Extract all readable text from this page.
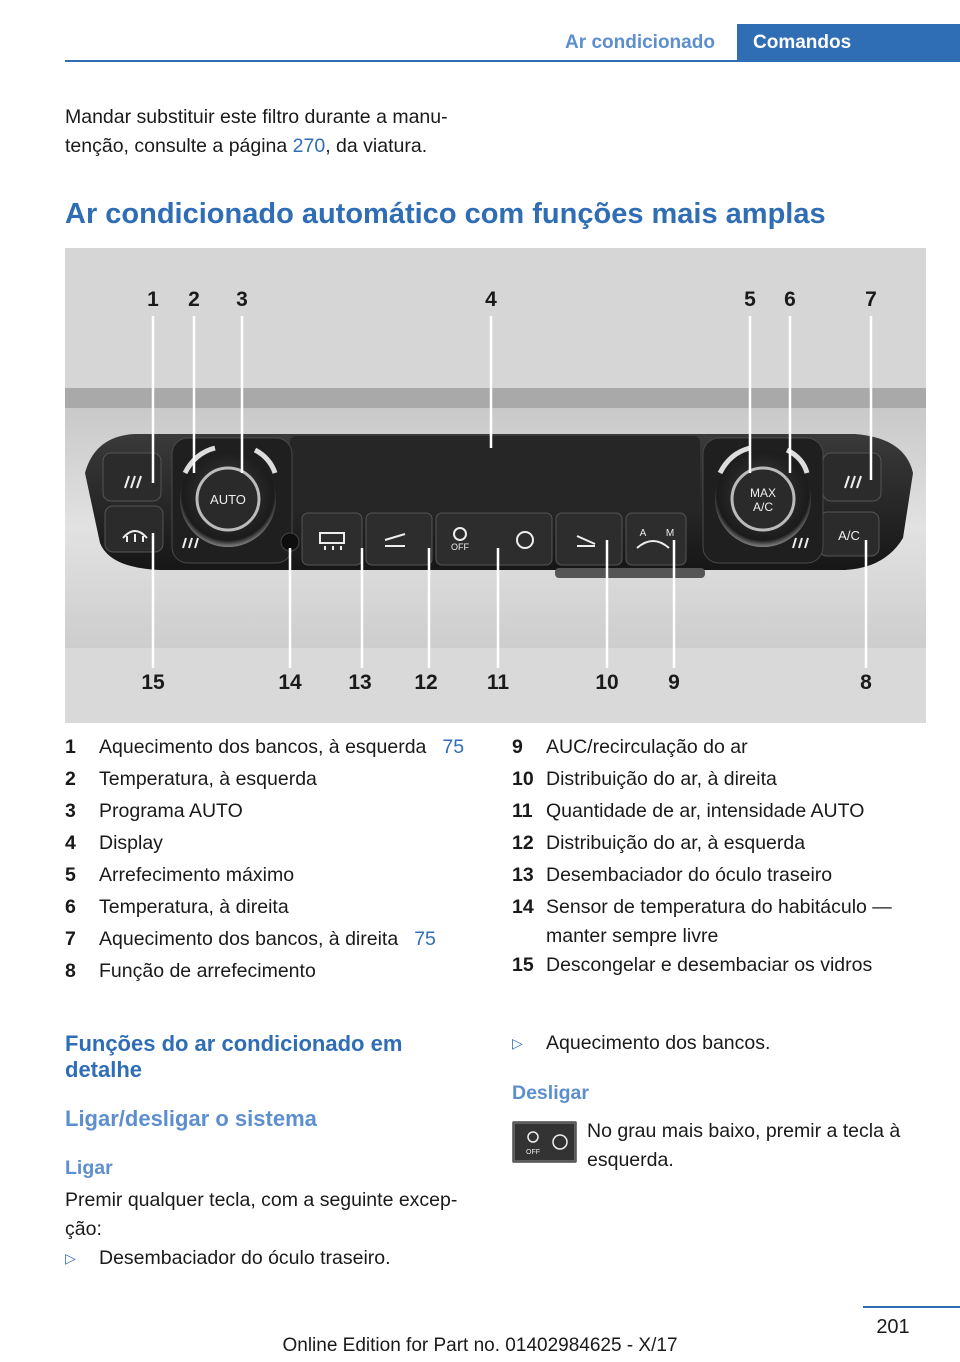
Ar condicionado	Comandos
Mandar substituir este filtro durante a manu-
tenção, consulte a página 270, da viatura.
Ar condicionado automático com funções mais amplas
AUTO	MAX
A/C
A/C
OFF
A M
1 2 3	4	5 6	7
8
9
10
11
12
13
14
15
1	Aquecimento dos bancos, à esquerda 75
2	Temperatura, à esquerda
3	Programa AUTO
4	Display
5	Arrefecimento máximo
6	Temperatura, à direita
7	Aquecimento dos bancos, à direita 75
8	Função de arrefecimento
9	AUC/recirculação do ar
10 Distribuição do ar, à direita
11 Quantidade de ar, intensidade AUTO
12 Distribuição do ar, à esquerda
13 Desembaciador do óculo traseiro
14 Sensor de temperatura do habitáculo —
manter sempre livre
15 Descongelar e desembaciar os vidros
Funções do ar condicionado em
detalhe
Ligar/desligar o sistema
Ligar
Premir qualquer tecla, com a seguinte excep-
ção:
▷	Desembaciador do óculo traseiro.
▷	Aquecimento dos bancos.
Desligar
OFF
No grau mais baixo, premir a tecla à
esquerda.
201
Online Edition for Part no. 01402984625 - X/17
